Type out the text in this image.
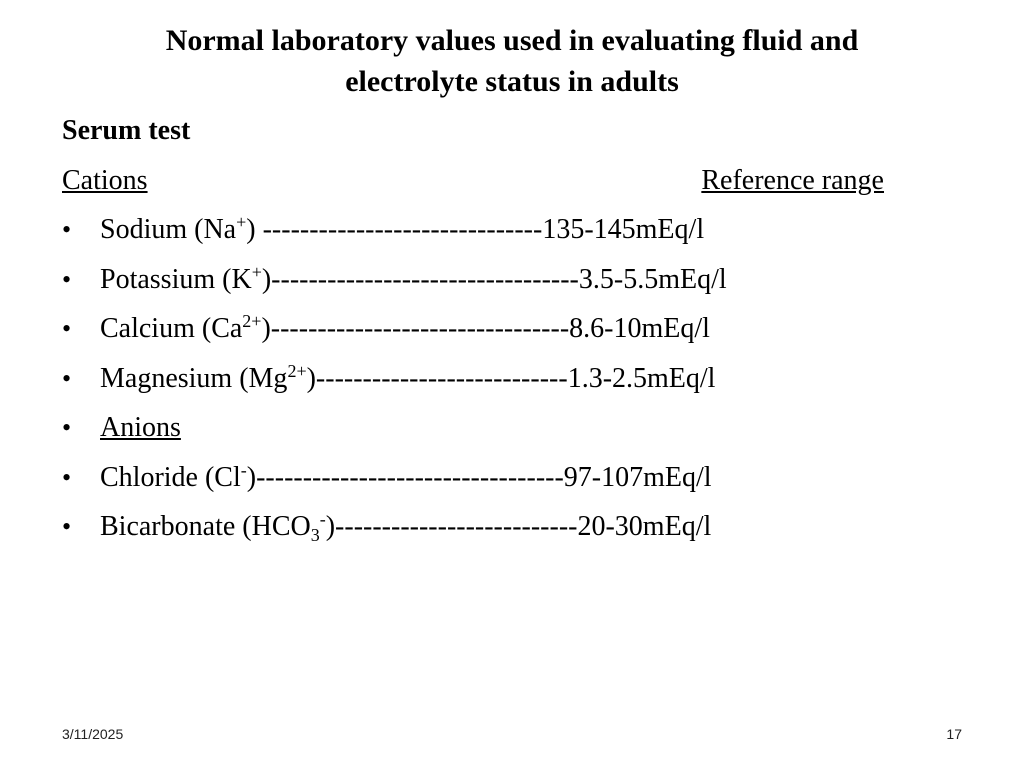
Normal laboratory values used in evaluating fluid and
electrolyte status in adults
Serum test
Cations	Reference range
• Sodium (Na+) ------------------------------135-145mEq/l
• Potassium (K+)---------------------------------3.5-5.5mEq/l
• Calcium $(Ca^{2+})--------------------------------8.6-10mEq/l$
• Magnesium $(Mg^{2+})---------------------------1.3-2.5mEq/l$
• Anions
• Chloride (Cl-)---------------------------------97-107mEq/l
• Bicarbonate $(HCO_3^-)--------------------------20-30mEq/l$
3/11/2025	17
